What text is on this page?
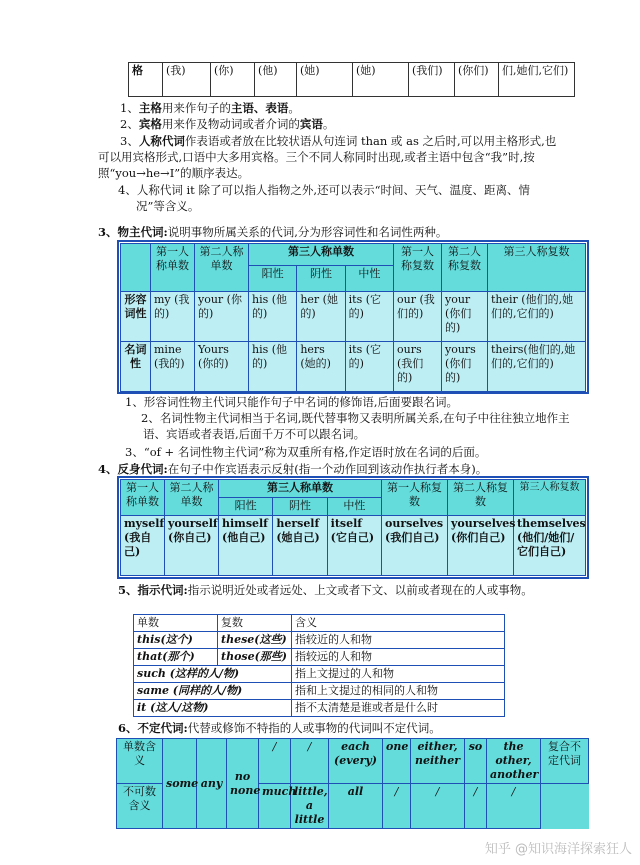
格	(我)	(你)	(他)	(她)	(她)	(我们)	(你们)	们,她们,它们)

1、主格用来作句子的主语、表语。

2、宾格用来作及物动词或者介词的宾语。

3、人称代词作表语或者放在比较状语从句连词 than 或 as 之后时,可以用主格形式,也可以用宾格形式,口语中大多用宾格。三个不同人称同时出现,或者主语中包含“我”时,按照“you→he→I”的顺序表达。

4、人称代词 it 除了可以指人指物之外,还可以表示“时间、天气、温度、距离、情况”等含义。

3、物主代词:说明事物所属关系的代词,分为形容词性和名词性两种。

	第一人称单数	第二人称单数	第三人称单数			第一人称复数	第二人称复数	第三人称复数
			阳性	阴性	中性			
形容词性	my (我的)	your (你的)	his (他的)	her (她的)	its (它的)	our (我们的)	your (你们的)	their (他们的,她们的,它们的)
名词性	mine (我的)	Yours (你的)	his (他的)	hers (她的)	its (它的)	ours (我们的)	yours (你们的)	theirs(他们的,她们的,它们的)

1、形容词性物主代词只能作句子中名词的修饰语,后面要跟名词。

2、名词性物主代词相当于名词,既代替事物又表明所属关系,在句子中往往独立地作主语、宾语或者表语,后面千万不可以跟名词。

3、“of + 名词性物主代词”称为双重所有格,作定语时放在名词的后面。

4、反身代词:在句子中作宾语表示反射(指一个动作回到该动作执行者本身)。

第一人称单数	第二人称单数	第三人称单数			第一人称复数	第二人称复数	第三人称复数
		阳性	阴性	中性			
myself (我自己)	yourself (你自己)	himself (他自己)	herself (她自己)	itself (它自己)	ourselves (我们自己)	yourselves (你们自己)	themselves (他们/她们/它们自己)

5、指示代词:指示说明近处或者远处、上文或者下文、以前或者现在的人或事物。

单数	复数	含义
this(这个)	these(这些)	指较近的人和物
that(那个)	those(那些)	指较远的人和物
such (这样的人/物)		指上文提过的人和物
same (同样的人/物)		指和上文提过的相同的人和物
it (这人/这物)		指不太清楚是谁或者是什么时

6、不定代词:代替或修饰不特指的人或事物的代词叫不定代词。

单数含义	some	any	no none	/	/	each (every)	one	either, neither	so	the other, another	复合不定代词
不可数含义				much	little, a little	all	/	/	/	/	
知乎 @知识海洋探索狂人
